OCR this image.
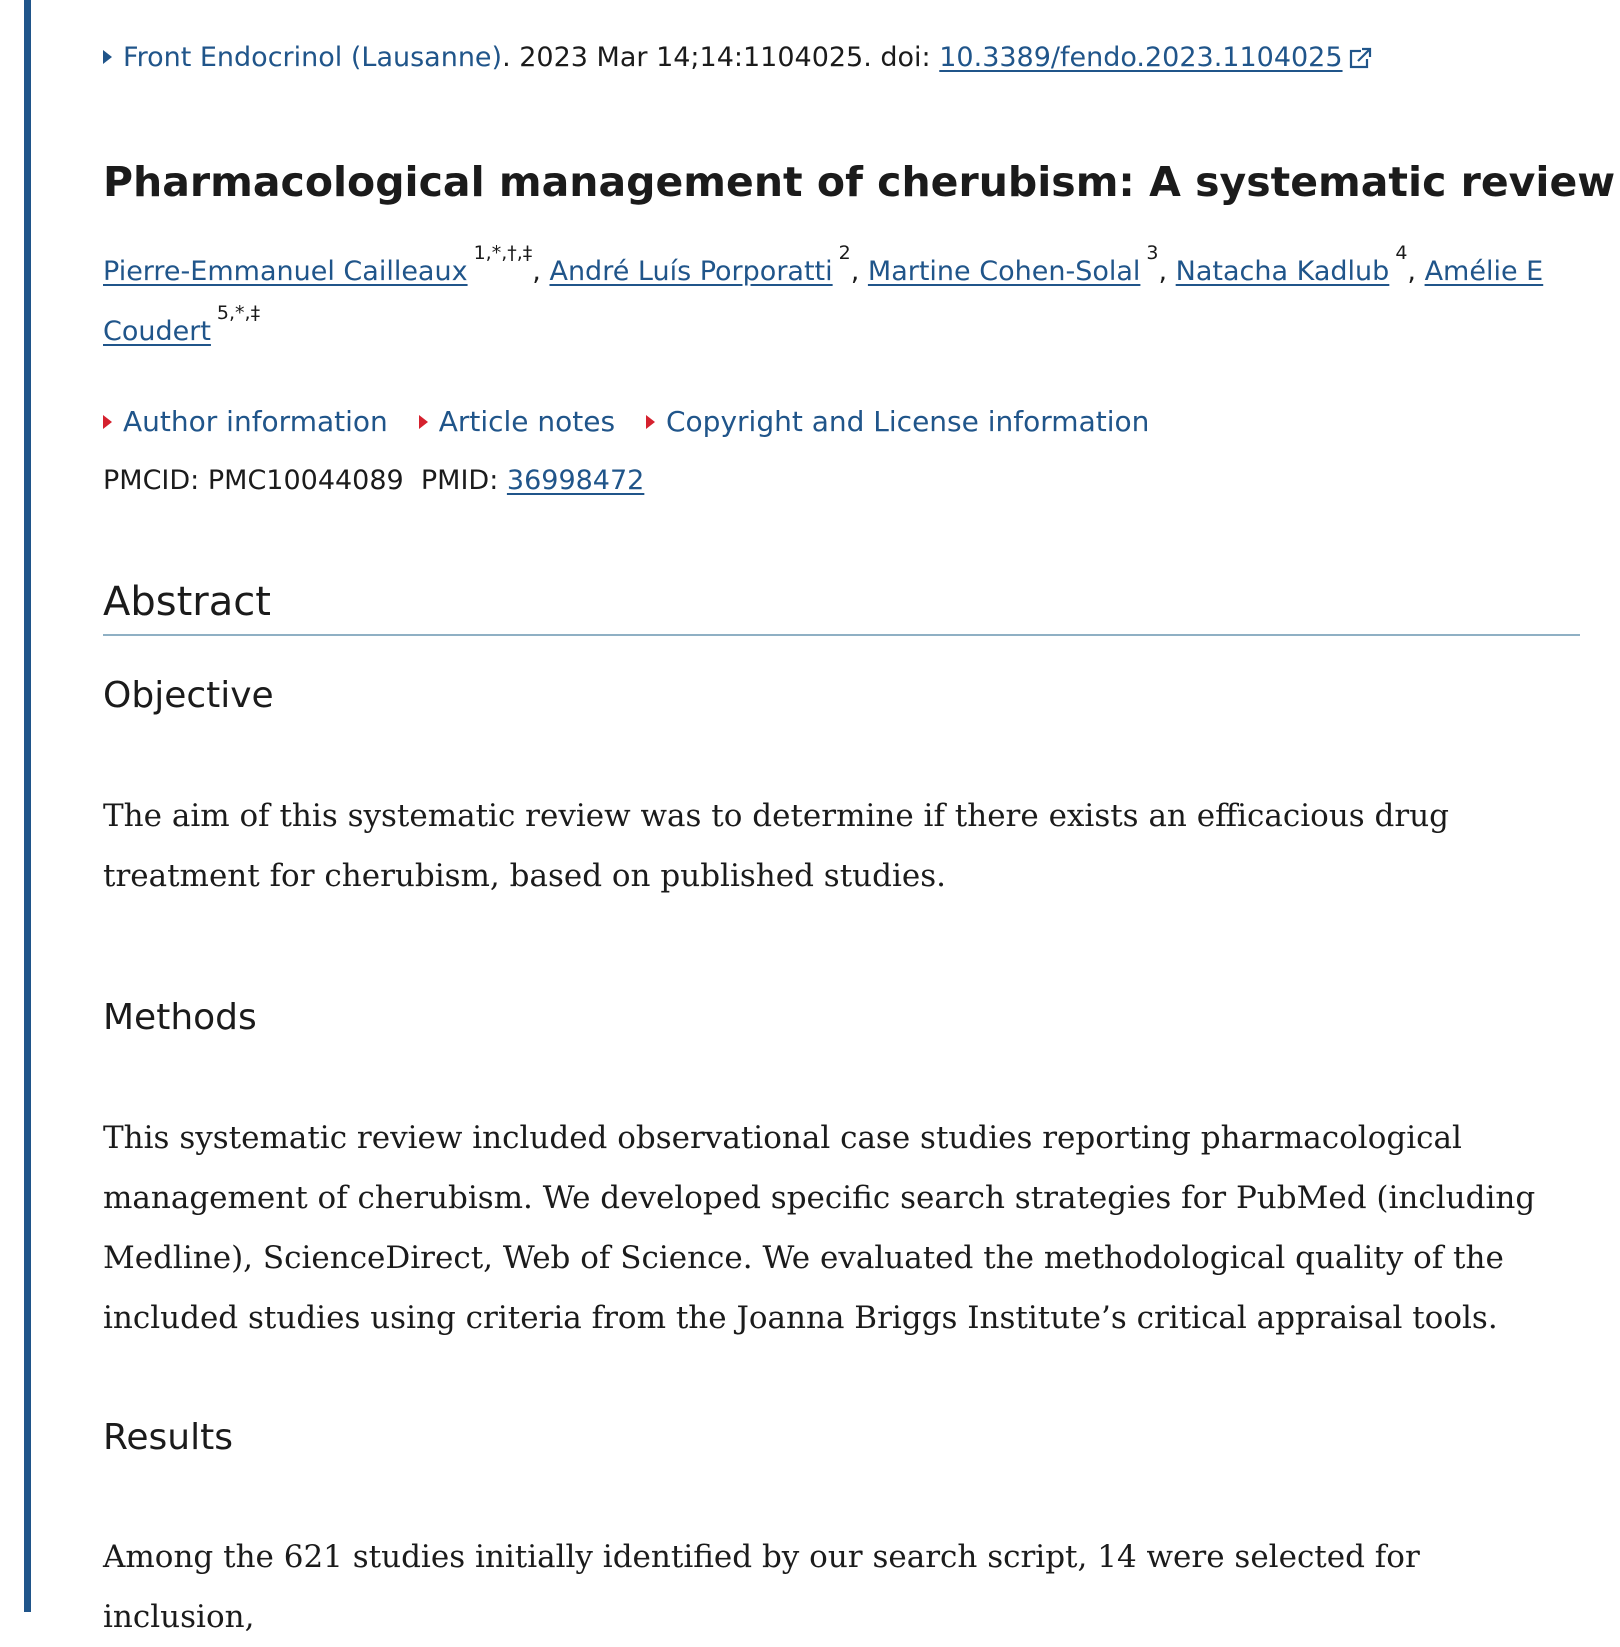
Front Endocrinol (Lausanne). 2023 Mar 14;14:1104025. doi: 10.3389/fendo.2023.1104025
Pharmacological management of cherubism: A systematic review
Pierre-Emmanuel Cailleaux$^{1,*,\dagger,\ddagger}$, André Luís Porporatti$^2$, Martine Cohen-Solal$^3$, Natacha Kadlub$^4$, Amélie E Coudert$^{5,*,\ddagger}$
Author information Article notes Copyright and License information
PMCID: PMC10044089 PMID: 36998472
Abstract
Objective

The aim of this systematic review was to determine if there exists an efficacious drug treatment for cherubism, based on published studies.

Methods

This systematic review included observational case studies reporting pharmacological management of cherubism. We developed specific search strategies for PubMed (including Medline), ScienceDirect, Web of Science. We evaluated the methodological quality of the included studies using criteria from the Joanna Briggs Institute’s critical appraisal tools.

Results

Among the 621 studies initially identified by our search script, 14 were selected for inclusion,
